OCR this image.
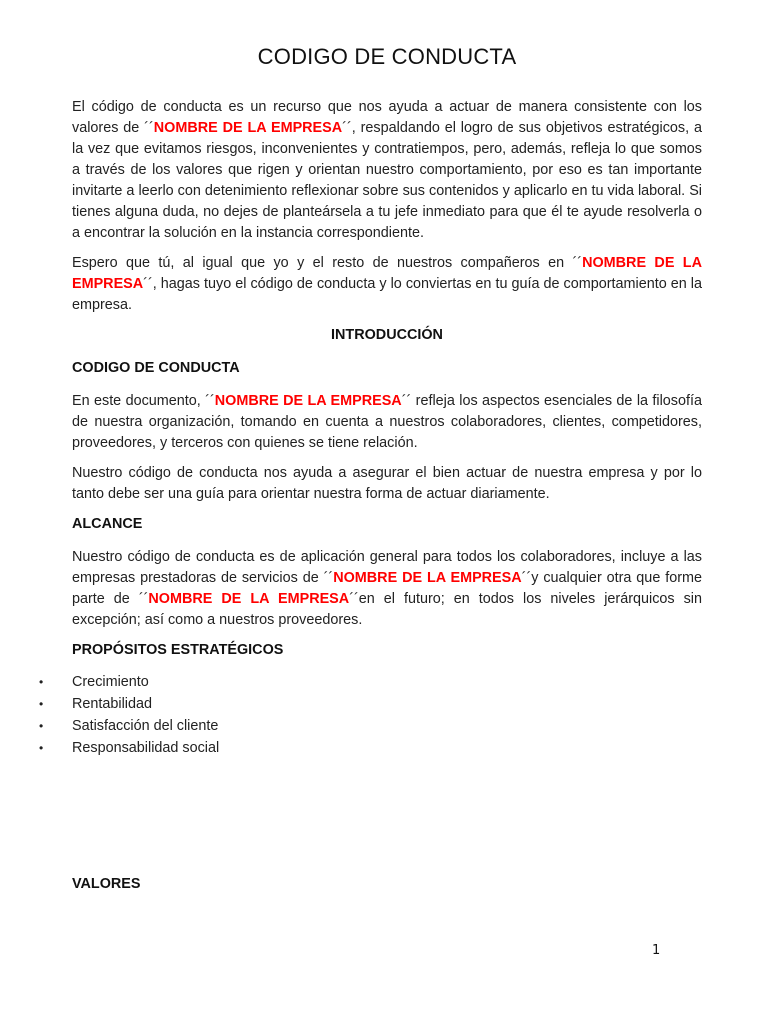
CODIGO DE CONDUCTA

El código de conducta es un recurso que nos ayuda a actuar de manera consistente con los valores de ´´NOMBRE DE LA EMPRESA´´, respaldando el logro de sus objetivos estratégicos, a la vez que evitamos riesgos, inconvenientes y contratiempos, pero, además, refleja lo que somos a través de los valores que rigen y orientan nuestro comportamiento, por eso es tan importante invitarte a leerlo con detenimiento reflexionar sobre sus contenidos y aplicarlo en tu vida laboral. Si tienes alguna duda, no dejes de planteársela a tu jefe inmediato para que él te ayude resolverla o a encontrar la solución en la instancia correspondiente.

Espero que tú, al igual que yo y el resto de nuestros compañeros en ´´NOMBRE DE LA EMPRESA´´, hagas tuyo el código de conducta y lo conviertas en tu guía de comportamiento en la empresa.

INTRODUCCIÓN
CODIGO DE CONDUCTA

En este documento, ´´NOMBRE DE LA EMPRESA´´ refleja los aspectos esenciales de la filosofía de nuestra organización, tomando en cuenta a nuestros colaboradores, clientes, competidores, proveedores, y terceros con quienes se tiene relación.

Nuestro código de conducta nos ayuda a asegurar el bien actuar de nuestra empresa y por lo tanto debe ser una guía para orientar nuestra forma de actuar diariamente.

ALCANCE

Nuestro código de conducta es de aplicación general para todos los colaboradores, incluye a las empresas prestadoras de servicios de ´´NOMBRE DE LA EMPRESA´´y cualquier otra que forme parte de ´´NOMBRE DE LA EMPRESA´´en el futuro; en todos los niveles jerárquicos sin excepción; así como a nuestros proveedores.

PROPÓSITOS ESTRATÉGICOS
• Crecimiento
• Rentabilidad
• Satisfacción del cliente
• Responsabilidad social
VALORES
1
